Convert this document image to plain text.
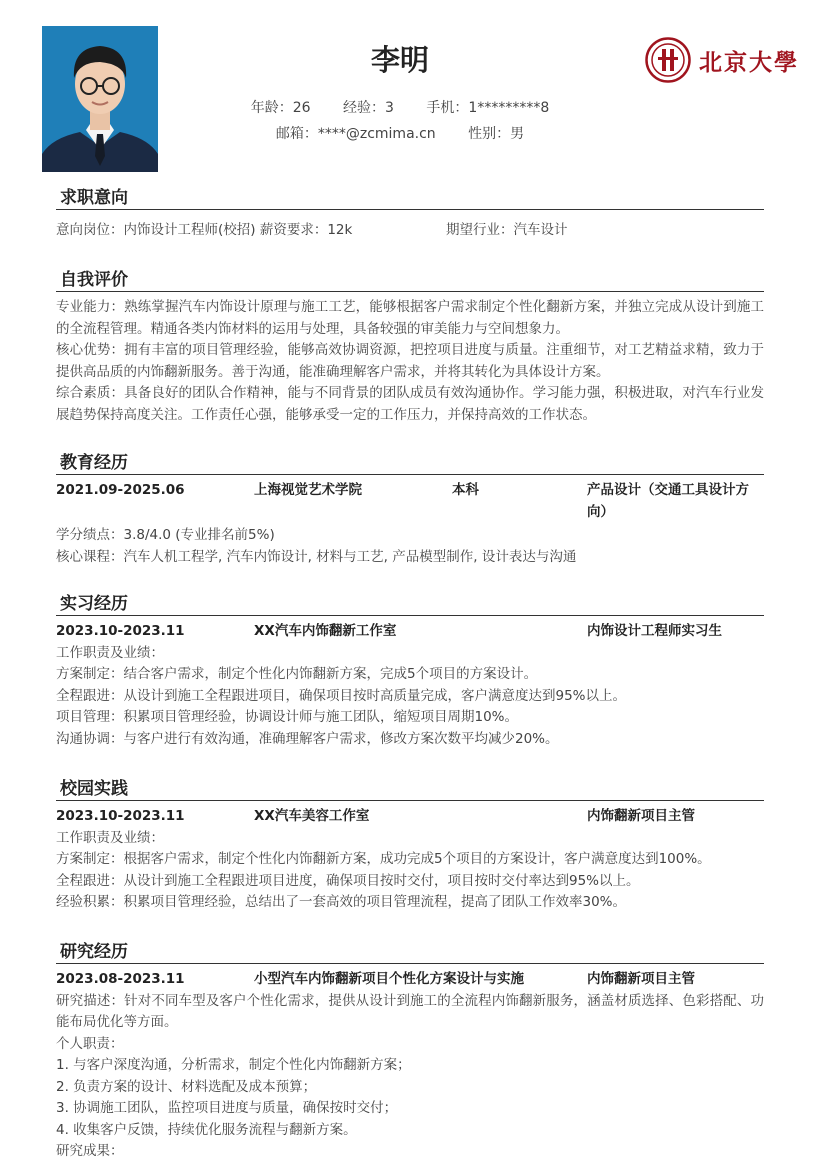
李明
年龄：26 经验：3 手机：1*********8
邮箱：****@zcmima.cn 性别：男
北京大學
求职意向
意向岗位：内饰设计工程师(校招) 薪资要求：12k	期望行业：汽车设计
自我评价
专业能力：熟练掌握汽车内饰设计原理与施工工艺，能够根据客户需求制定个性化翻新方案，并独立完成从设计到施工的全流程管理。精通各类内饰材料的运用与处理，具备较强的审美能力与空间想象力。
核心优势：拥有丰富的项目管理经验，能够高效协调资源，把控项目进度与质量。注重细节，对工艺精益求精，致力于提供高品质的内饰翻新服务。善于沟通，能准确理解客户需求，并将其转化为具体设计方案。
综合素质：具备良好的团队合作精神，能与不同背景的团队成员有效沟通协作。学习能力强，积极进取，对汽车行业发展趋势保持高度关注。工作责任心强，能够承受一定的工作压力，并保持高效的工作状态。
教育经历
2021.09-2025.06	上海视觉艺术学院	本科	产品设计（交通工具设计方向）
学分绩点：3.8/4.0 (专业排名前5%)
核心课程：汽车人机工程学, 汽车内饰设计, 材料与工艺, 产品模型制作, 设计表达与沟通
实习经历
2023.10-2023.11	XX汽车内饰翻新工作室	内饰设计工程师实习生
工作职责及业绩：
方案制定：结合客户需求，制定个性化内饰翻新方案，完成5个项目的方案设计。
全程跟进：从设计到施工全程跟进项目，确保项目按时高质量完成，客户满意度达到95%以上。
项目管理：积累项目管理经验，协调设计师与施工团队，缩短项目周期10%。
沟通协调：与客户进行有效沟通，准确理解客户需求，修改方案次数平均减少20%。
校园实践
2023.10-2023.11	XX汽车美容工作室	内饰翻新项目主管
工作职责及业绩：
方案制定：根据客户需求，制定个性化内饰翻新方案，成功完成5个项目的方案设计，客户满意度达到100%。
全程跟进：从设计到施工全程跟进项目进度，确保项目按时交付，项目按时交付率达到95%以上。
经验积累：积累项目管理经验，总结出了一套高效的项目管理流程，提高了团队工作效率30%。
研究经历
2023.08-2023.11	小型汽车内饰翻新项目个性化方案设计与实施	内饰翻新项目主管
研究描述：针对不同车型及客户个性化需求，提供从设计到施工的全流程内饰翻新服务，涵盖材质选择、色彩搭配、功能布局优化等方面。
个人职责：
1. 与客户深度沟通，分析需求，制定个性化内饰翻新方案；
2. 负责方案的设计、材料选配及成本预算；
3. 协调施工团队，监控项目进度与质量，确保按时交付；
4. 收集客户反馈，持续优化服务流程与翻新方案。
研究成果：
